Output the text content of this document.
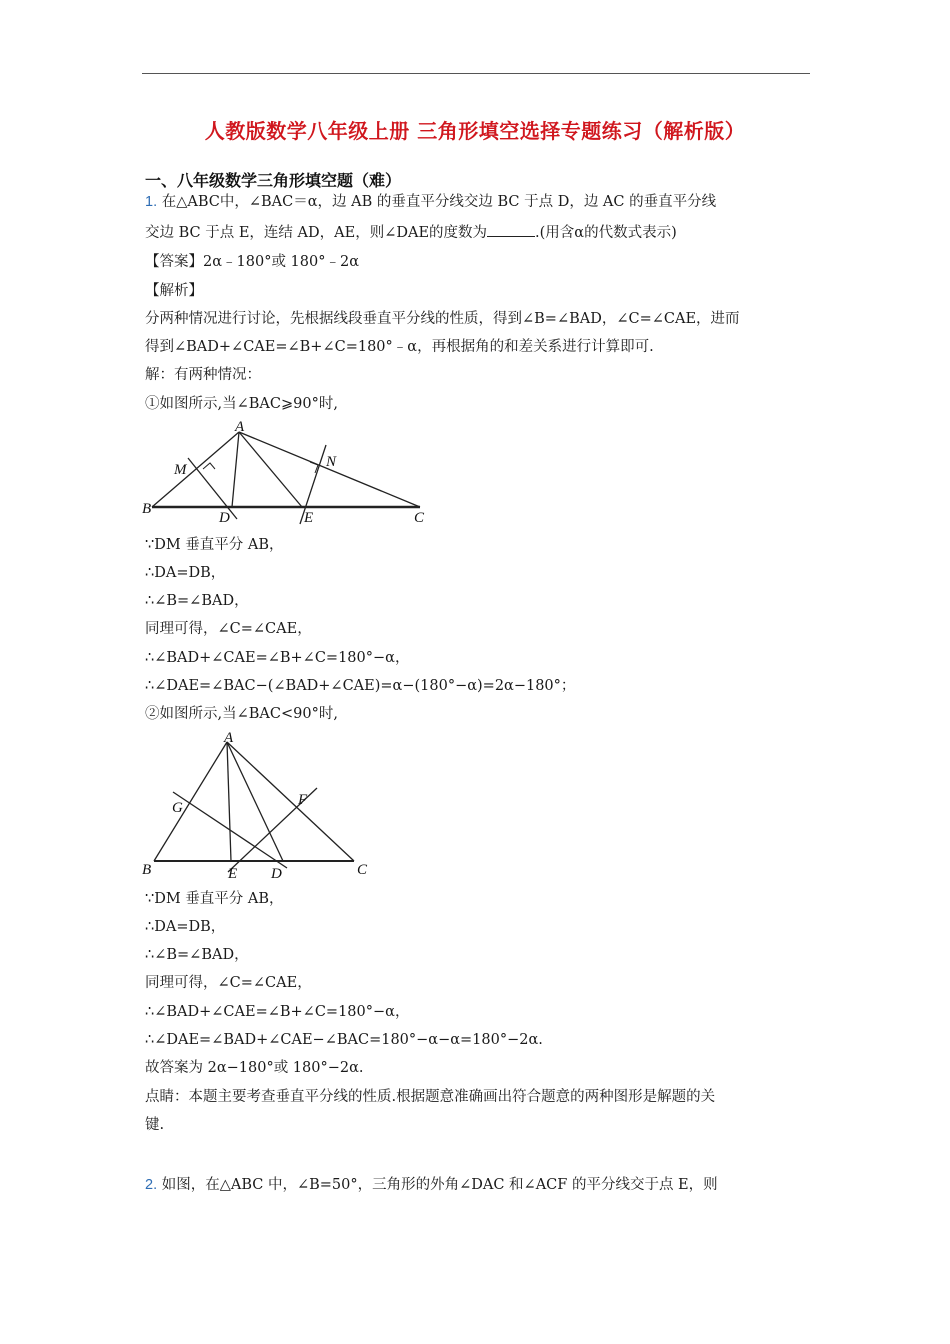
人教版数学八年级上册 三角形填空选择专题练习（解析版）
一、八年级数学三角形填空题（难）
1. 在△ABC中，∠BAC＝α，边 AB 的垂直平分线交边 BC 于点 D，边 AC 的垂直平分线
交边 BC 于点 E，连结 AD，AE，则∠DAE的度数为	.(用含α的代数式表示)
【答案】2α﹣180°或 180°﹣2α
【解析】
分两种情况进行讨论，先根据线段垂直平分线的性质，得到∠B=∠BAD，∠C=∠CAE，进而
得到∠BAD+∠CAE=∠B+∠C=180°﹣α，再根据角的和差关系进行计算即可.
解：有两种情况：
①如图所示,当∠BAC⩾90°时,
A
B
C
D	E
M	N
∵DM 垂直平分 AB，
∴DA=DB，
∴∠B=∠BAD，
同理可得，∠C=∠CAE，
∴∠BAD+∠CAE=∠B+∠C=180°−α，
∴∠DAE=∠BAC−(∠BAD+∠CAE)=α−(180°−α)=2α−180°；
②如图所示,当∠BAC<90°时,
A
B	C
D
E
F
G
∵DM 垂直平分 AB，
∴DA=DB，
∴∠B=∠BAD，
同理可得，∠C=∠CAE，
∴∠BAD+∠CAE=∠B+∠C=180°−α，
∴∠DAE=∠BAD+∠CAE−∠BAC=180°−α−α=180°−2α.
故答案为 2α−180°或 180°−2α.
点睛：本题主要考查垂直平分线的性质.根据题意准确画出符合题意的两种图形是解题的关
键.
2. 如图，在△ABC 中，∠B=50°，三角形的外角∠DAC 和∠ACF 的平分线交于点 E，则
